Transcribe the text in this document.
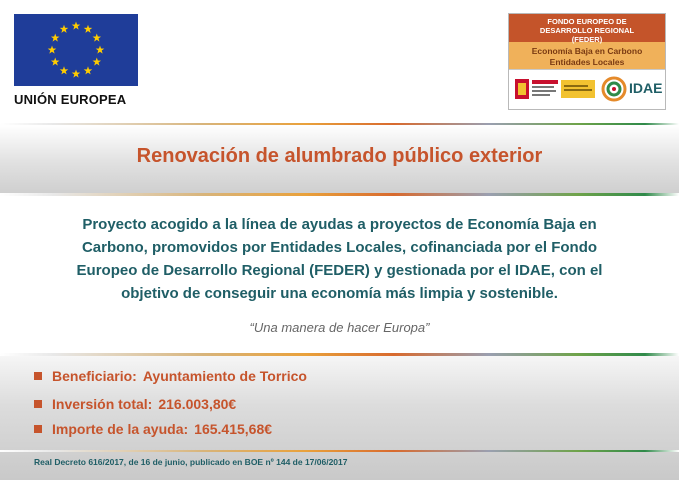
UNIÓN EUROPEA
FONDO EUROPEO DE
DESARROLLO REGIONAL
(FEDER)
Economía Baja en Carbono
Entidades Locales
IDAE
Renovación de alumbrado público exterior
Proyecto acogido a la línea de ayudas a proyectos de Economía Baja en
Carbono, promovidos por Entidades Locales, cofinanciada por el Fondo
Europeo de Desarrollo Regional (FEDER) y gestionada por el IDAE, con el
objetivo de conseguir una economía más limpia y sostenible.
“Una manera de hacer Europa”
Beneficiario: Ayuntamiento de Torrico
Inversión total: 216.003,80€
Importe de la ayuda: 165.415,68€
Real Decreto 616/2017, de 16 de junio, publicado en BOE nº 144 de 17/06/2017
